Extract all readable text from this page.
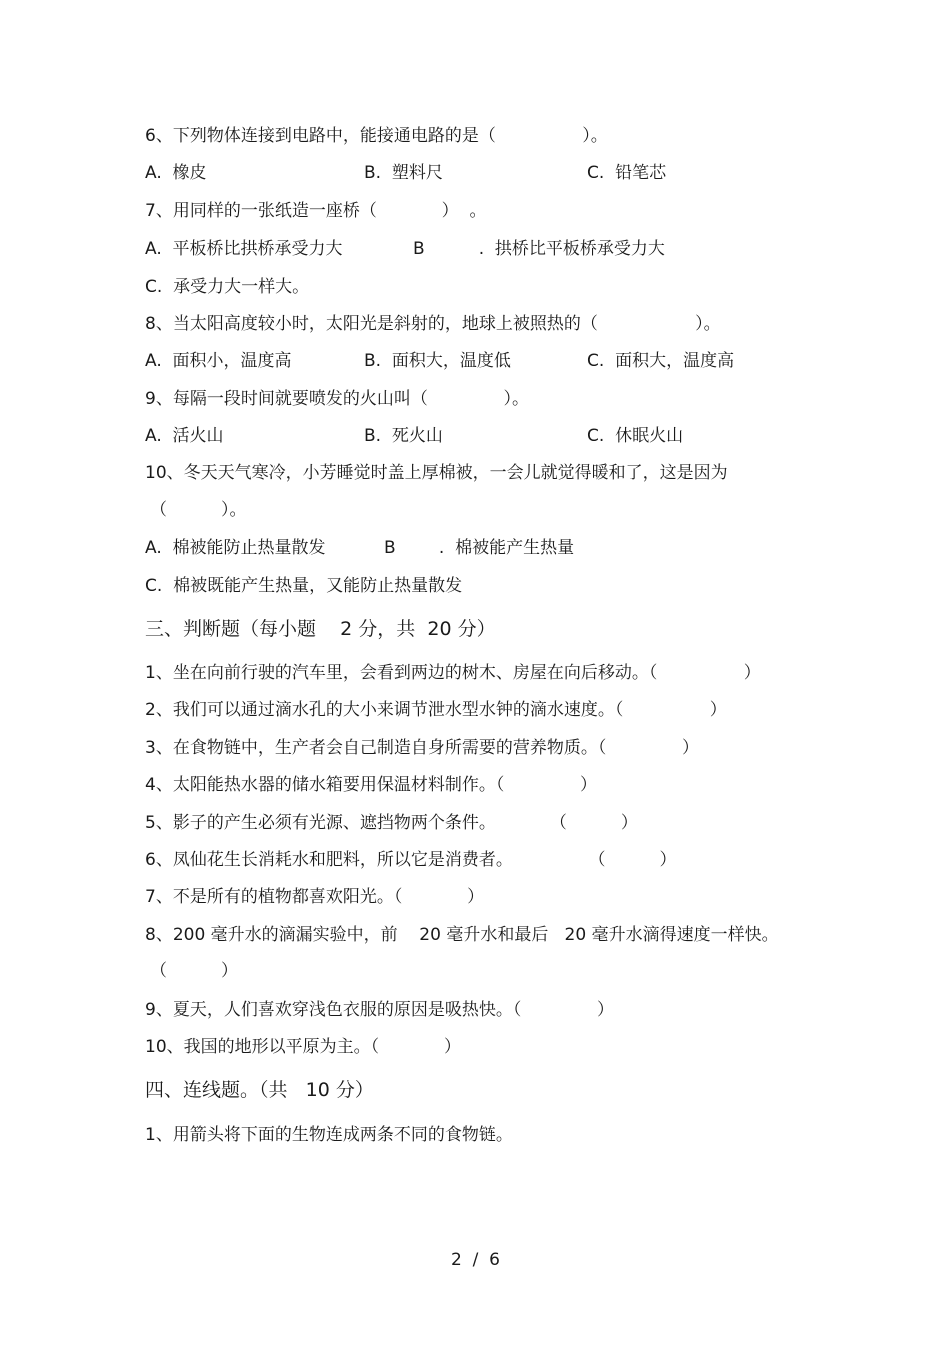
6、下列物体连接到电路中，能接通电路的是（                ）。
A.  橡皮	B.  塑料尺	C.  铅笔芯
7、用同样的一张纸造一座桥（            ）  。
A.  平板桥比拱桥承受力大	B          .  拱桥比平板桥承受力大
C.  承受力大一样大。
8、当太阳高度较小时，太阳光是斜射的，地球上被照热的（                  ）。
A.  面积小，温度高	B.  面积大，温度低	C.  面积大，温度高
9、每隔一段时间就要喷发的火山叫（              ）。
A.  活火山	B.  死火山	C.  休眠火山
10、冬天天气寒冷，小芳睡觉时盖上厚棉被，一会儿就觉得暖和了，这是因为
（          ）。
A.  棉被能防止热量散发	B        .  棉被能产生热量
C.  棉被既能产生热量，又能防止热量散发
三、判断题（每小题    2 分，共  20 分）
1、坐在向前行驶的汽车里，会看到两边的树木、房屋在向后移动。（                ）
2、我们可以通过滴水孔的大小来调节泄水型水钟的滴水速度。（                ）
3、在食物链中，生产者会自己制造自身所需要的营养物质。（              ）
4、太阳能热水器的储水箱要用保温材料制作。（              ）
5、影子的产生必须有光源、遮挡物两个条件。          （          ）
6、凤仙花生长消耗水和肥料，所以它是消费者。              （          ）
7、不是所有的植物都喜欢阳光。（            ）
8、200 毫升水的滴漏实验中，前    20 毫升水和最后   20 毫升水滴得速度一样快。
（          ）
9、夏天，人们喜欢穿浅色衣服的原因是吸热快。（              ）
10、我国的地形以平原为主。（            ）
四、连线题。（共   10 分）
1、用箭头将下面的生物连成两条不同的食物链。
2  /  6
